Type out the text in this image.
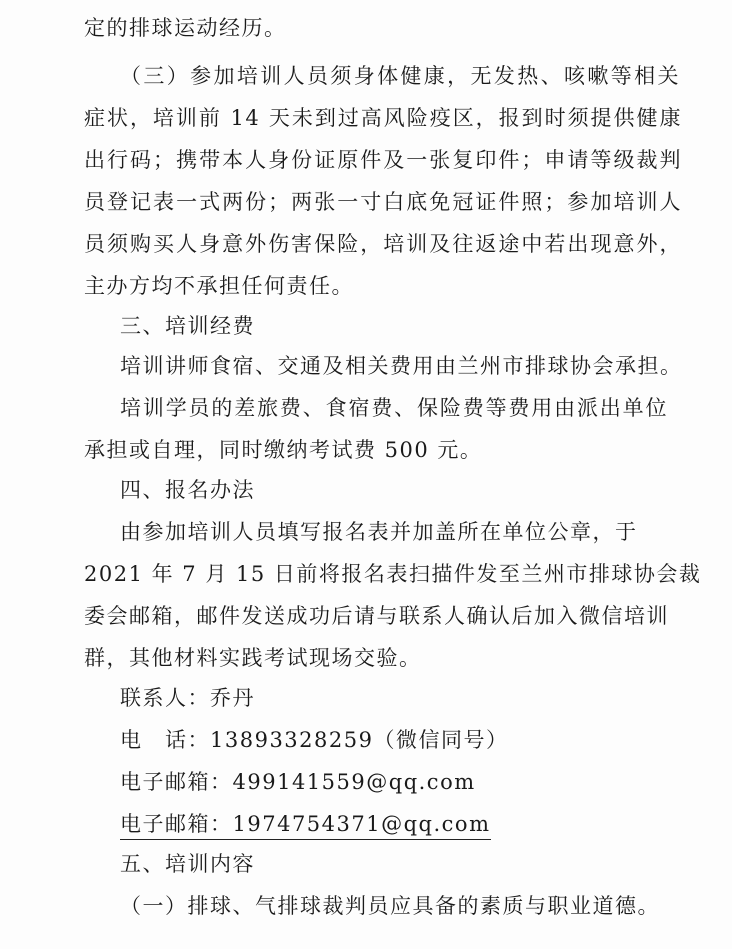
定的排球运动经历。
（三）参加培训人员须身体健康，无发热、咳嗽等相关
症状，培训前 14 天未到过高风险疫区，报到时须提供健康
出行码；携带本人身份证原件及一张复印件；申请等级裁判
员登记表一式两份；两张一寸白底免冠证件照；参加培训人
员须购买人身意外伤害保险，培训及往返途中若出现意外，
主办方均不承担任何责任。
三、培训经费
培训讲师食宿、交通及相关费用由兰州市排球协会承担。
培训学员的差旅费、食宿费、保险费等费用由派出单位
承担或自理，同时缴纳考试费 500 元。
四、报名办法
由参加培训人员填写报名表并加盖所在单位公章，于
2021 年 7 月 15 日前将报名表扫描件发至兰州市排球协会裁
委会邮箱，邮件发送成功后请与联系人确认后加入微信培训
群，其他材料实践考试现场交验。
联系人：乔丹
电　话：13893328259（微信同号）
电子邮箱：499141559@qq.com
电子邮箱：1974754371@qq.com
五、培训内容
（一）排球、气排球裁判员应具备的素质与职业道德。
